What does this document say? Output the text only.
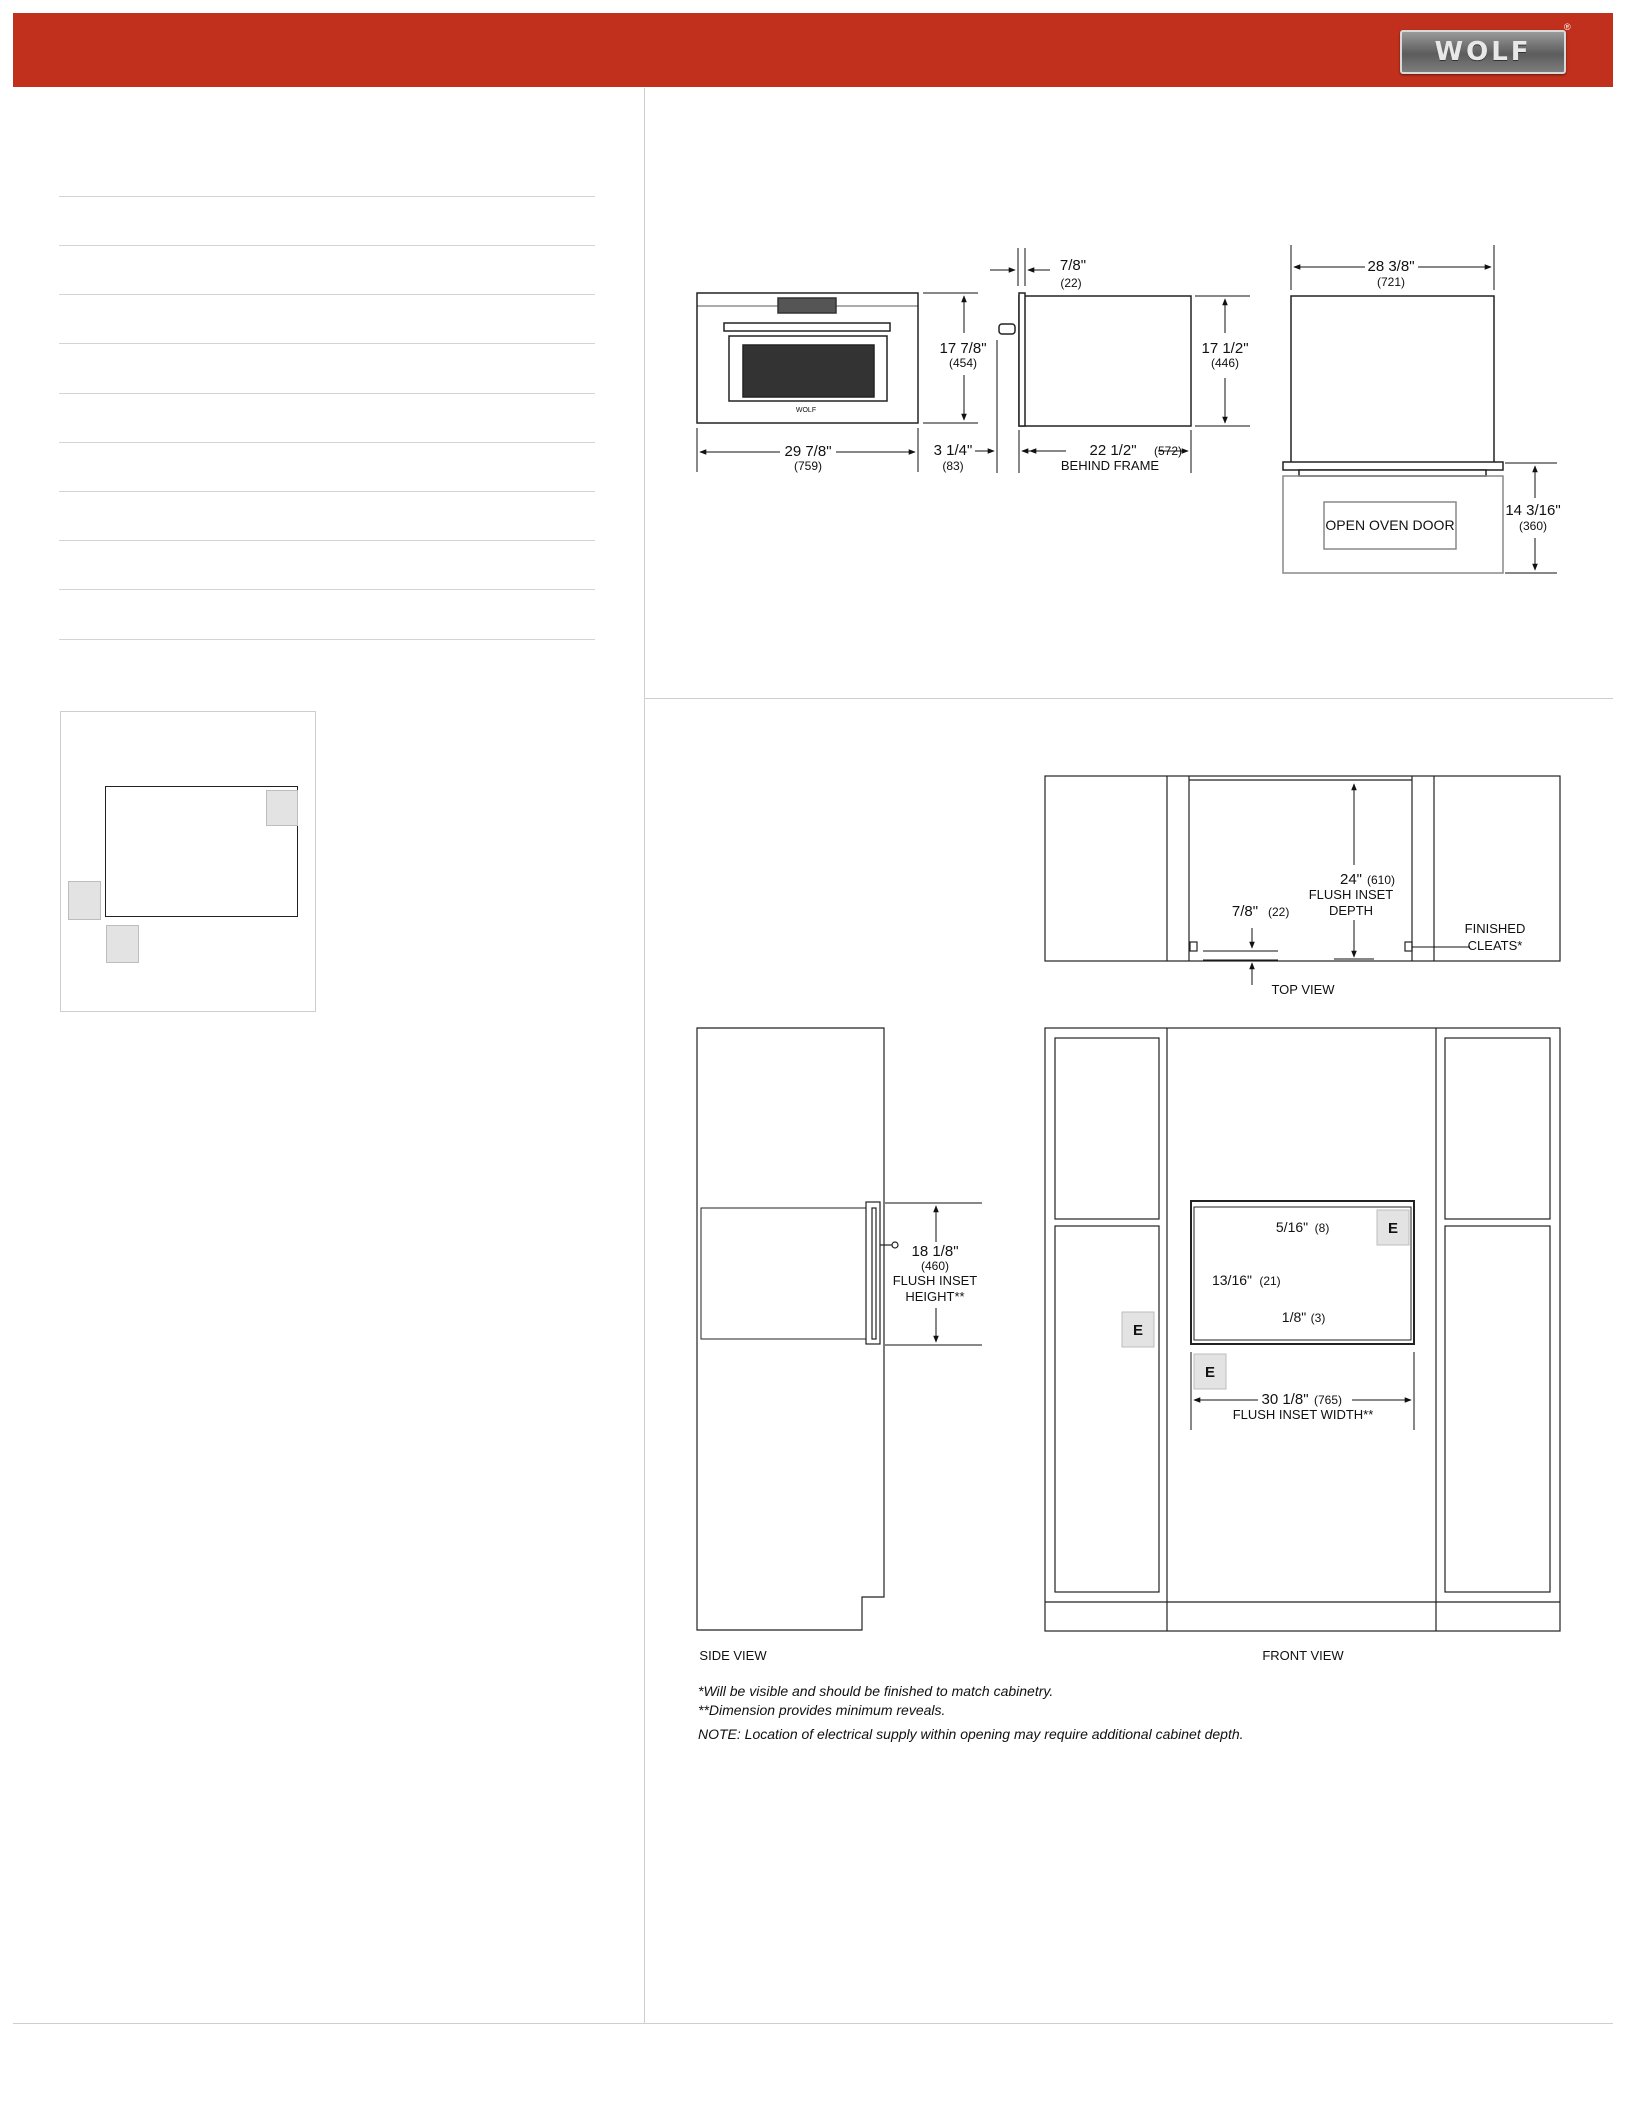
WOLF
®
WOLF
29 7/8"
(759)
17 7/8"
(454)
7/8"
(22)
17 1/2"
(446)
3 1/4"
(83)
22 1/2" (572)
OPEN OVEN DOOR
28 3/8"
(721)
14 3/16"
(360)
24" (610)
FLUSH INSET
DEPTH
7/8" (22)
FINISHED
CLEATS*
TOP VIEW
18 1/8"
(460)
FLUSH INSET
HEIGHT**
SIDE VIEW
E
E
E
5/16" (8)
13/16" (21)
1/8" (3)
30 1/8" (765)
FLUSH INSET WIDTH**
FRONT VIEW
BEHIND FRAME
*Will be visible and should be finished to match cabinetry.
**Dimension provides minimum reveals.
NOTE: Location of electrical supply within opening may require additional cabinet depth.
